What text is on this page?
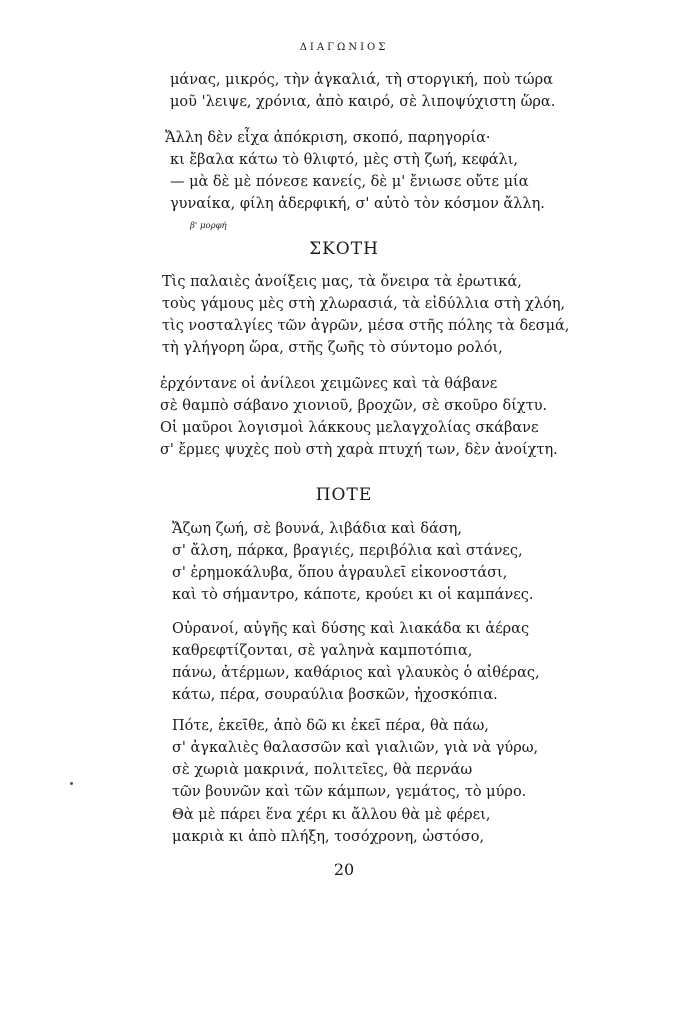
ΔΙΑΓΩΝΙΟΣ
μάνας, μικρός, τὴν ἀγκαλιά, τὴ στοργική, ποὺ τώρα
μοῦ 'λειψε, χρόνια, ἀπὸ καιρό, σὲ λιποψύχιστη ὥρα.
Ἄλλη δὲν εἶχα ἀπόκριση, σκοπό, παρηγορία·
κι ἔβαλα κάτω τὸ θλιφτό, μὲς στὴ ζωή, κεφάλι,
— μὰ δὲ μὲ πόνεσε κανείς, δὲ μ' ἔνιωσε οὔτε μία
γυναίκα, φίλη ἀδερφική, σ' αὐτὸ τὸν κόσμον ἄλλη.
β' μορφή
ΣΚΟΤΗ
Τὶς παλαιὲς ἀνοίξεις μας, τὰ ὄνειρα τὰ ἐρωτικά,
τοὺς γάμους μὲς στὴ χλωρασιά, τὰ εἰδύλλια στὴ χλόη,
τὶς νοσταλγίες τῶν ἀγρῶν, μέσα στῆς πόλης τὰ δεσμά,
τὴ γλήγορη ὥρα, στῆς ζωῆς τὸ σύντομο ρολόι,
ἐρχόντανε οἱ ἀνίλεοι χειμῶνες καὶ τὰ θάβανε
σὲ θαμπὸ σάβανο χιονιοῦ, βροχῶν, σὲ σκοῦρο δίχτυ.
Οἱ μαῦροι λογισμοὶ λάκκους μελαγχολίας σκάβανε
σ' ἔρμες ψυχὲς ποὺ στὴ χαρὰ πτυχή των, δὲν ἀνοίχτη.
ΠΟΤΕ
Ἄζωη ζωή, σὲ βουνά, λιβάδια καὶ δάση,
σ' ἄλση, πάρκα, βραγιές, περιβόλια καὶ στάνες,
σ' ἐρημοκάλυβα, ὅπου ἀγραυλεῖ εἰκονοστάσι,
καὶ τὸ σήμαντρο, κάποτε, κρούει κι οἱ καμπάνες.
Οὐρανοί, αὐγῆς καὶ δύσης καὶ λιακάδα κι ἀέρας
καθρεφτίζονται, σὲ γαληνὰ καμποτόπια,
πάνω, ἀτέρμων, καθάριος καὶ γλαυκὸς ὁ αἰθέρας,
κάτω, πέρα, σουραύλια βοσκῶν, ἠχοσκόπια.
Πότε, ἐκεῖθε, ἀπὸ δῶ κι ἐκεῖ πέρα, θὰ πάω,
σ' ἀγκαλιὲς θαλασσῶν καὶ γιαλιῶν, γιὰ νὰ γύρω,
σὲ χωριὰ μακρινά, πολιτεῖες, θὰ περνάω
τῶν βουνῶν καὶ τῶν κάμπων, γεμάτος, τὸ μύρο.
Θὰ μὲ πάρει ἕνα χέρι κι ἄλλου θὰ μὲ φέρει,
μακριὰ κι ἀπὸ πλήξη, τοσόχρονη, ὡστόσο,
20
